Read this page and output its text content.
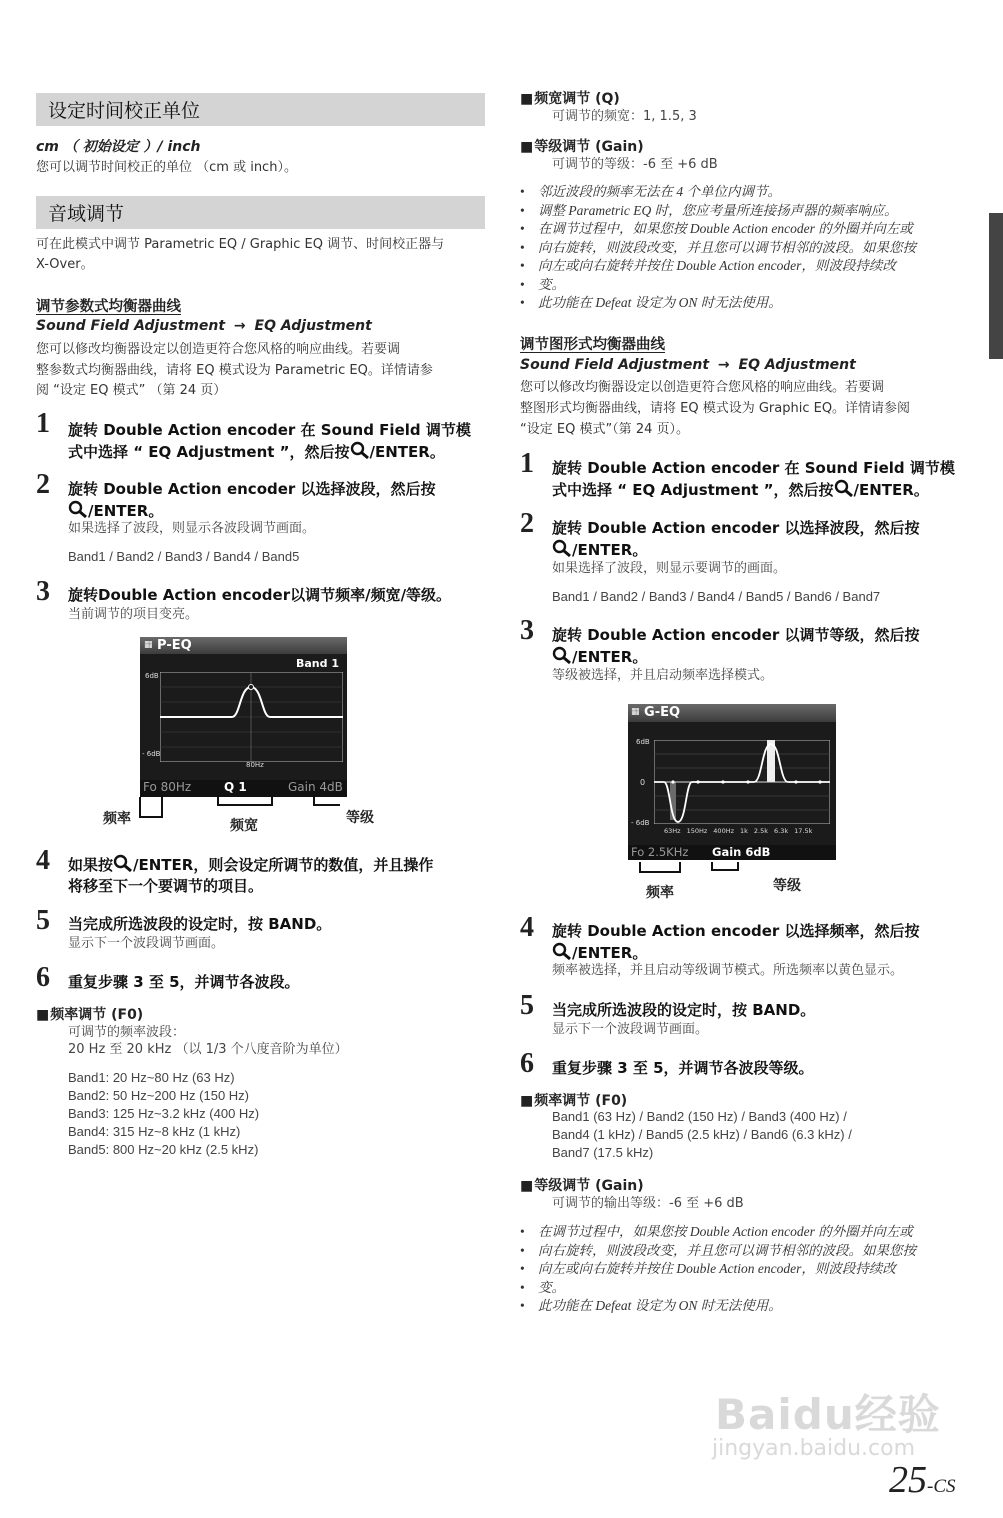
设定时间校正单位
cm （ 初始设定 ）/ inch
您可以调节时间校正的单位 （cm 或 inch）。
音域调节
可在此模式中调节 Parametric EQ / Graphic EQ 调节、时间校正器与
X-Over。
调节参数式均衡器曲线
Sound Field Adjustment → EQ Adjustment
您可以修改均衡器设定以创造更符合您风格的响应曲线。若要调
整参数式均衡器曲线，请将 EQ 模式设为 Parametric EQ。详情请参
阅 “设定 EQ 模式” （第 24 页）
1 旋转 Double Action encoder 在 Sound Field 调节模
式中选择 “ EQ Adjustment ”，然后按 /ENTER。
2 旋转 Double Action encoder 以选择波段，然后按
/ENTER。
如果选择了波段，则显示各波段调节画面。
Band1 / Band2 / Band3 / Band4 / Band5
3 旋转Double Action encoder以调节频率/频宽/等级。
当前调节的项目变亮。
▦ P-EQ
Band 1
6dB
- 6dB
80Hz
Fo 80Hz	Q 1	Gain 4dB
频率	频宽	等级
4 如果按 /ENTER，则会设定所调节的数值，并且操作
将移至下一个要调节的项目。
5 当完成所选波段的设定时，按 BAND。
显示下一个波段调节画面。
6 重复步骤 3 至 5，并调节各波段。
■ 频率调节 (F0)
可调节的频率波段：
20 Hz 至 20 kHz （以 1/3 个八度音阶为单位）
Band1: 20 Hz~80 Hz (63 Hz)
Band2: 50 Hz~200 Hz (150 Hz)
Band3: 125 Hz~3.2 kHz (400 Hz)
Band4: 315 Hz~8 kHz (1 kHz)
Band5: 800 Hz~20 kHz (2.5 kHz)
■ 频宽调节 (Q)
可调节的频宽：1, 1.5, 3
■ 等级调节 (Gain)
可调节的等级：-6 至 +6 dB
• 邻近波段的频率无法在 4 个单位内调节。
• 调整 Parametric EQ 时，您应考量所连接扬声器的频率响应。
• 在调节过程中，如果您按 Double Action encoder 的外圈并向左或
• 向右旋转，则波段改变，并且您可以调节相邻的波段。如果您按
• 向左或向右旋转并按住 Double Action encoder，则波段持续改
• 变。
• 此功能在 Defeat 设定为 ON 时无法使用。
调节图形式均衡器曲线
Sound Field Adjustment → EQ Adjustment
您可以修改均衡器设定以创造更符合您风格的响应曲线。若要调
整图形式均衡器曲线，请将 EQ 模式设为 Graphic EQ。详情请参阅
“设定 EQ 模式”（第 24 页）。
1 旋转 Double Action encoder 在 Sound Field 调节模
式中选择 “ EQ Adjustment ”，然后按 /ENTER。
2 旋转 Double Action encoder 以选择波段，然后按
/ENTER。
如果选择了波段，则显示要调节的画面。
Band1 / Band2 / Band3 / Band4 / Band5 / Band6 / Band7
3 旋转 Double Action encoder 以调节等级，然后按
/ENTER。
等级被选择，并且启动频率选择模式。
▦ G-EQ
6dB
0
- 6dB
63Hz 150Hz 400Hz 1k 2.5k 6.3k 17.5k
Fo 2.5KHz Gain 6dB
频率	等级
4 旋转 Double Action encoder 以选择频率，然后按
/ENTER。
频率被选择，并且启动等级调节模式。所选频率以黄色显示。
5 当完成所选波段的设定时，按 BAND。
显示下一个波段调节画面。
6 重复步骤 3 至 5，并调节各波段等级。
■ 频率调节 (F0)
Band1 (63 Hz) / Band2 (150 Hz) / Band3 (400 Hz) /
Band4 (1 kHz) / Band5 (2.5 kHz) / Band6 (6.3 kHz) /
Band7 (17.5 kHz)
■ 等级调节 (Gain)
可调节的输出等级：-6 至 +6 dB
• 在调节过程中，如果您按 Double Action encoder 的外圈并向左或
• 向右旋转，则波段改变，并且您可以调节相邻的波段。如果您按
• 向左或向右旋转并按住 Double Action encoder，则波段持续改
• 变。
• 此功能在 Defeat 设定为 ON 时无法使用。
Baidu经验
jingyan.baidu.com
25-CS
